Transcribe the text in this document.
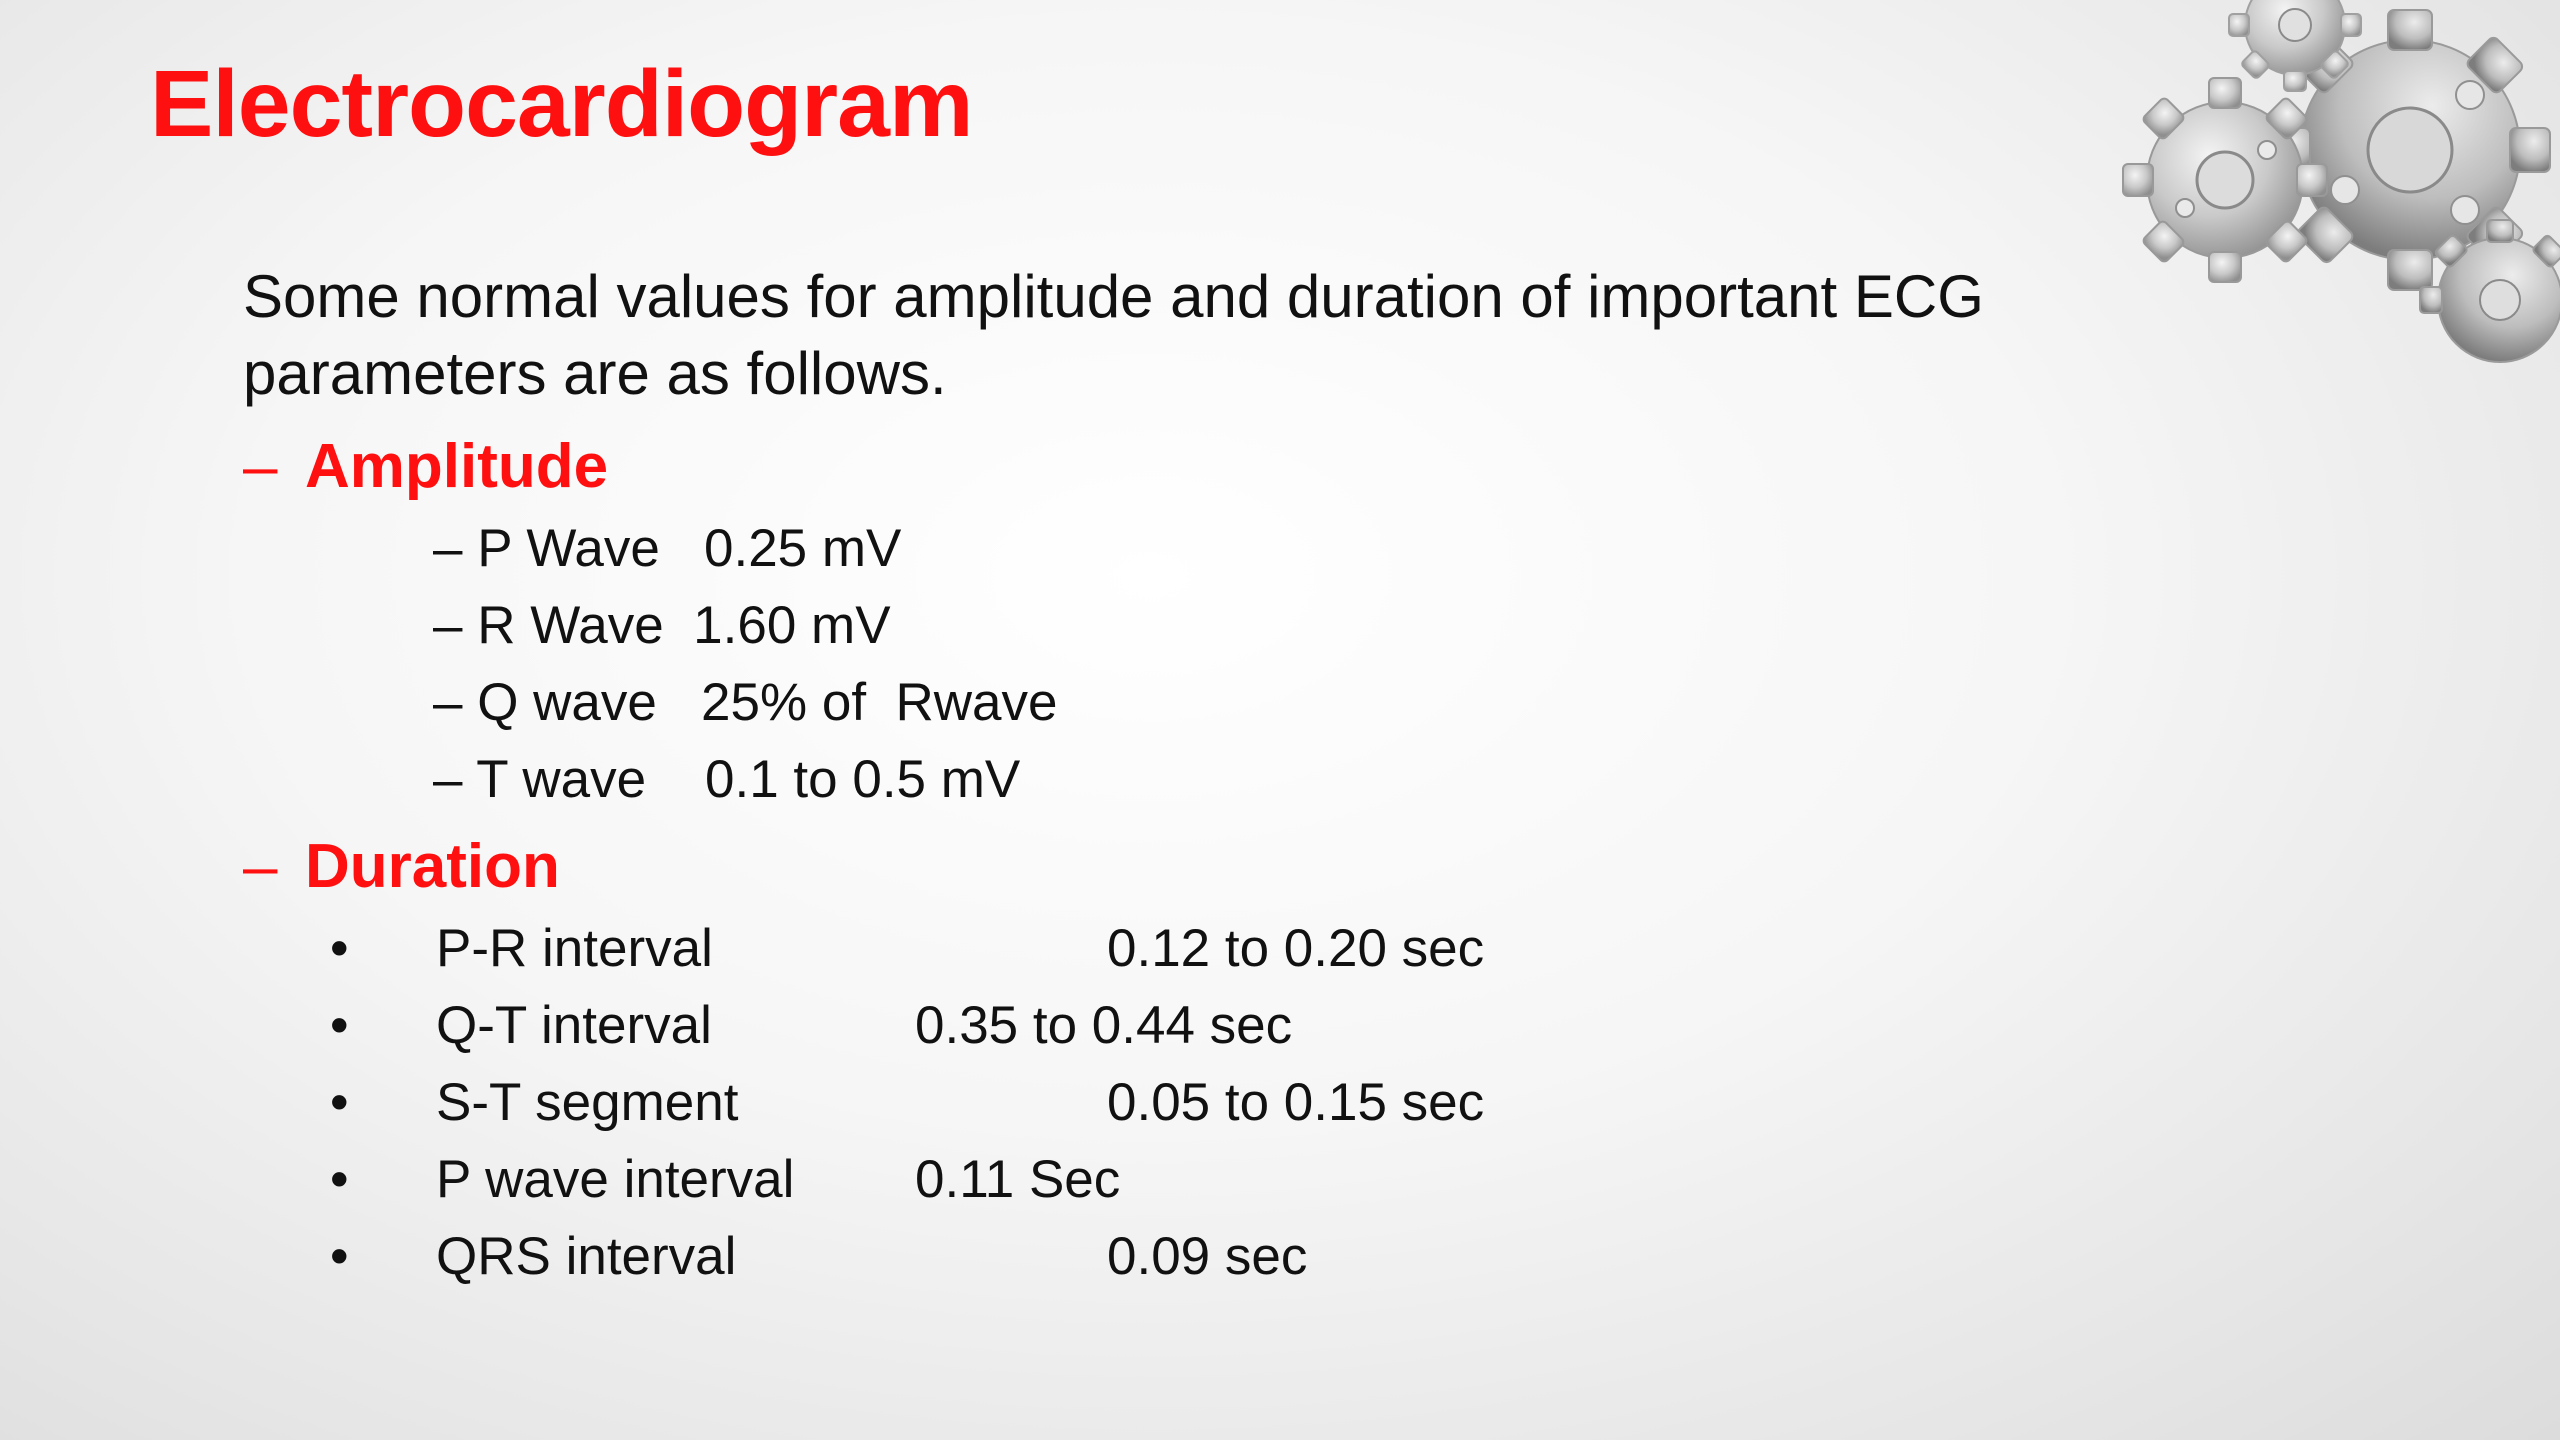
Electrocardiogram

Some normal values for amplitude and duration of important ECG parameters are as follows.

– Amplitude
– P Wave   0.25 mV
– R Wave  1.60 mV
– Q wave   25% of  Rwave
– T wave    0.1 to 0.5 mV
– Duration
• P-R interval	0.12 to 0.20 sec
• Q-T interval	0.35 to 0.44 sec
• S-T segment	0.05 to 0.15 sec
• P wave interval 0.11 Sec
• QRS interval	0.09 sec
